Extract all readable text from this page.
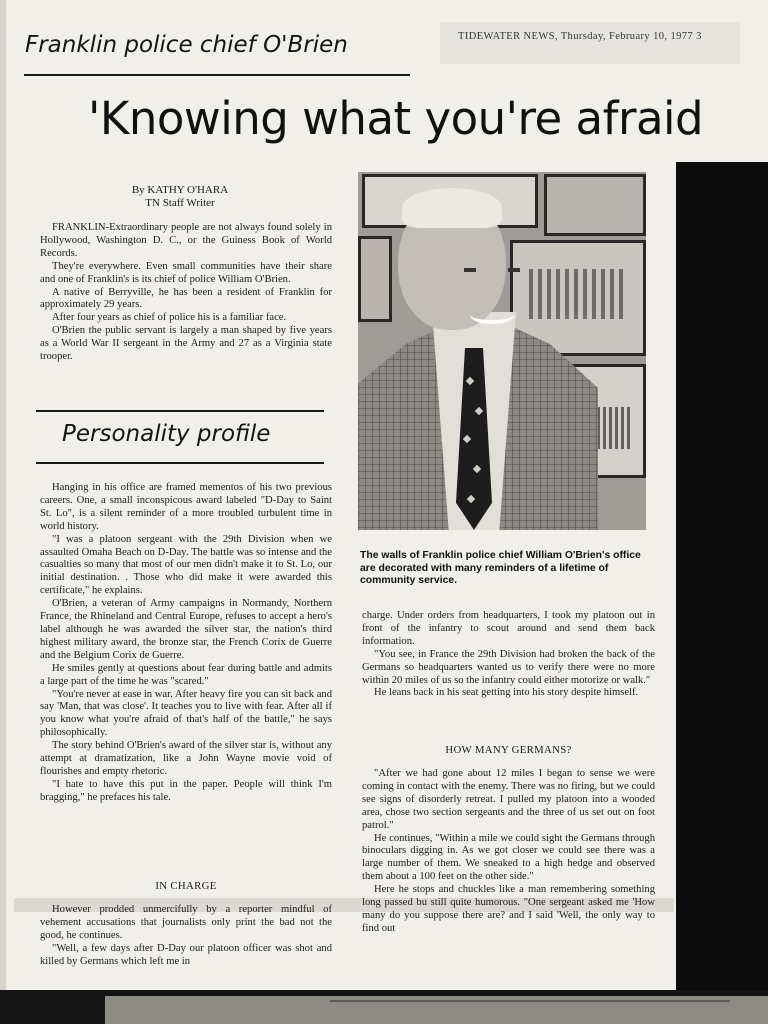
TIDEWATER NEWS, Thursday, February 10, 1977 3
Franklin police chief O'Brien
'Knowing what you're afraid
By KATHY O'HARA
TN Staff Writer

FRANKLIN-Extraordinary people are not always found solely in Hollywood, Washington D. C., or the Guiness Book of World Records.

They're everywhere. Even small communities have their share and one of Franklin's is its chief of police William O'Brien.

A native of Berryville, he has been a resident of Franklin for approximately 29 years.

After four years as chief of police his is a familiar face.

O'Brien the public servant is largely a man shaped by five years as a World War II sergeant in the Army and 27 as a Virginia state trooper.

Personality profile

Hanging in his office are framed mementos of his two previous careers. One, a small inconspicous award labeled "D-Day to Saint St. Lo", is a silent reminder of a more troubled turbulent time in world history.

"I was a platoon sergeant with the 29th Division when we assaulted Omaha Beach on D-Day. The battle was so intense and the casualties so many that most of our men didn't make it to St. Lo, our initial destination. . Those who did make it were awarded this certificate," he explains.

O'Brien, a veteran of Army campaigns in Normandy, Northern France, the Rhineland and Central Europe, refuses to accept a hero's label although he was awarded the silver star, the nation's third highest military award, the bronze star, the French Corix de Guerre and the Belgium Corix de Guerre.

He smiles gently at questions about fear during battle and admits a large part of the time he was "scared."

"You're never at ease in war. After heavy fire you can sit back and say 'Man, that was close'. It teaches you to live with fear. After all if you know what you're afraid of that's half of the battle," he says philosophically.

The story behind O'Brien's award of the silver star is, without any attempt at dramatization, like a John Wayne movie void of flourishes and empty rhetoric.

"I hate to have this put in the paper. People will think I'm bragging," he prefaces his tale.

IN CHARGE

However prodded unmercifully by a reporter mindful of vehement accusations that journalists only print the bad not the good, he continues.

"Well, a few days after D-Day our platoon officer was shot and killed by Germans which left me in

The walls of Franklin police chief William O'Brien's office are decorated with many reminders of a lifetime of community service.

charge. Under orders from headquarters, I took my platoon out in front of the infantry to scout around and send them back information.

"You see, in France the 29th Division had broken the back of the Germans so headquarters wanted us to verify there were no more within 20 miles of us so the infantry could either motorize or walk."

He leans back in his seat getting into his story despite himself.

HOW MANY GERMANS?

"After we had gone about 12 miles I began to sense we were coming in contact with the enemy. There was no firing, but we could see signs of disorderly retreat. I pulled my platoon into a wooded area, chose two section sergeants and the three of us set out on foot patrol."

He continues, "Within a mile we could sight the Germans through binoculars digging in. As we got closer we could see there was a large number of them. We sneaked to a high hedge and observed them about a 100 feet on the other side."

Here he stops and chuckles like a man remembering something long passed bu still quite humorous. "One sergeant asked me 'How many do you suppose there are? and I said 'Well, the only way to find out
